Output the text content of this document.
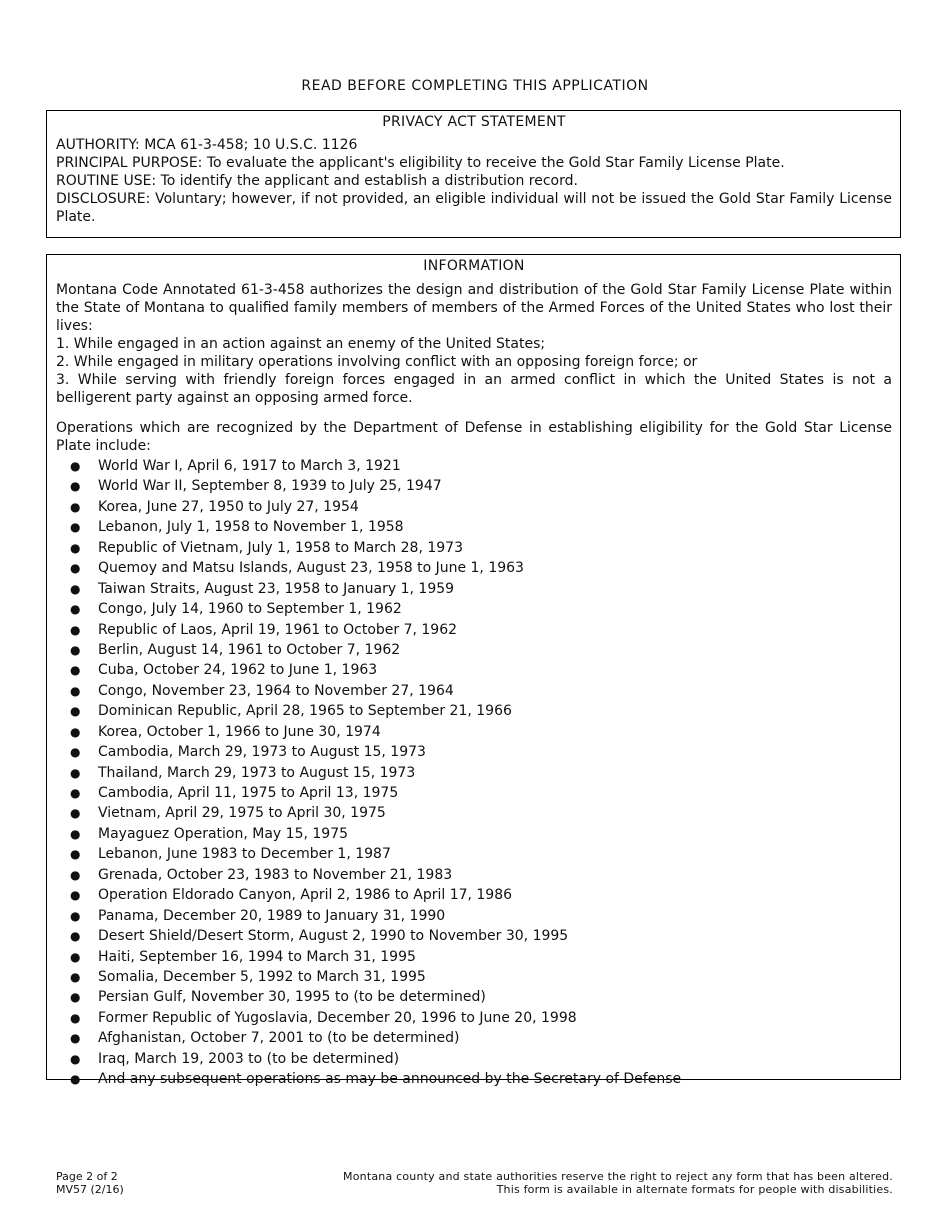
READ BEFORE COMPLETING THIS APPLICATION
PRIVACY ACT STATEMENT
AUTHORITY: MCA 61-3-458; 10 U.S.C. 1126
PRINCIPAL PURPOSE: To evaluate the applicant's eligibility to receive the Gold Star Family License Plate.
ROUTINE USE: To identify the applicant and establish a distribution record.
DISCLOSURE: Voluntary; however, if not provided, an eligible individual will not be issued the Gold Star Family License Plate.
INFORMATION
Montana Code Annotated 61-3-458 authorizes the design and distribution of the Gold Star Family License Plate within the State of Montana to qualified family members of members of the Armed Forces of the United States who lost their lives:
1. While engaged in an action against an enemy of the United States;
2. While engaged in military operations involving conflict with an opposing foreign force; or
3. While serving with friendly foreign forces engaged in an armed conflict in which the United States is not a belligerent party against an opposing armed force.
Operations which are recognized by the Department of Defense in establishing eligibility for the Gold Star License Plate include:
● World War I, April 6, 1917 to March 3, 1921
● World War II, September 8, 1939 to July 25, 1947
● Korea, June 27, 1950 to July 27, 1954
● Lebanon, July 1, 1958 to November 1, 1958
● Republic of Vietnam, July 1, 1958 to March 28, 1973
● Quemoy and Matsu Islands, August 23, 1958 to June 1, 1963
● Taiwan Straits, August 23, 1958 to January 1, 1959
● Congo, July 14, 1960 to September 1, 1962
● Republic of Laos, April 19, 1961 to October 7, 1962
● Berlin, August 14, 1961 to October 7, 1962
● Cuba, October 24, 1962 to June 1, 1963
● Congo, November 23, 1964 to November 27, 1964
● Dominican Republic, April 28, 1965 to September 21, 1966
● Korea, October 1, 1966 to June 30, 1974
● Cambodia, March 29, 1973 to August 15, 1973
● Thailand, March 29, 1973 to August 15, 1973
● Cambodia, April 11, 1975 to April 13, 1975
● Vietnam, April 29, 1975 to April 30, 1975
● Mayaguez Operation, May 15, 1975
● Lebanon, June 1983 to December 1, 1987
● Grenada, October 23, 1983 to November 21, 1983
● Operation Eldorado Canyon, April 2, 1986 to April 17, 1986
● Panama, December 20, 1989 to January 31, 1990
● Desert Shield/Desert Storm, August 2, 1990 to November 30, 1995
● Haiti, September 16, 1994 to March 31, 1995
● Somalia, December 5, 1992 to March 31, 1995
● Persian Gulf, November 30, 1995 to (to be determined)
● Former Republic of Yugoslavia, December 20, 1996 to June 20, 1998
● Afghanistan, October 7, 2001 to (to be determined)
● Iraq, March 19, 2003 to (to be determined)
● And any subsequent operations as may be announced by the Secretary of Defense
Page 2 of 2
MV57 (2/16)
Montana county and state authorities reserve the right to reject any form that has been altered.
This form is available in alternate formats for people with disabilities.
